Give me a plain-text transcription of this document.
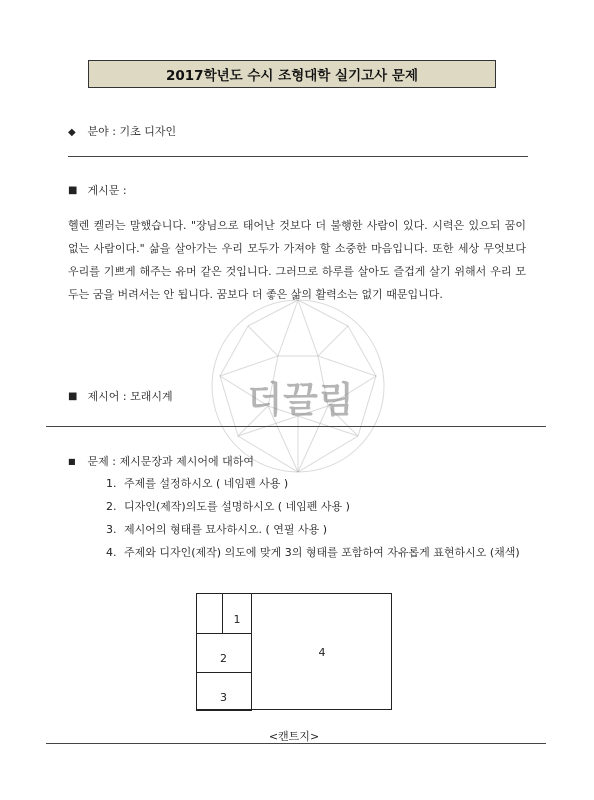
2017학년도 수시 조형대학 실기고사 문제
◆ 분야 : 기초 디자인
■ 게시문 :

헬렌 켈러는 말했습니다. "장님으로 태어난 것보다 더 불행한 사람이 있다. 시력은 있으되 꿈이 없는 사람이다." 삶을 살아가는 우리 모두가 가져야 할 소중한 마음입니다. 또한 세상 무엇보다 우리를 기쁘게 해주는 유머 같은 것입니다. 그러므로 하루를 살아도 즐겁게 살기 위해서 우리 모두는 굼을 버려서는 안 됩니다. 꿈보다 더 좋은 삶의 활력소는 없기 때문입니다.

더끌림
■ 제시어 : 모래시계
■ 문제 : 제시문장과 제시어에 대하여
1. 주제를 설정하시오 ( 네임펜 사용 )
2. 디자인(제작)의도를 설명하시오 ( 네임펜 사용 )
3. 제시어의 형태를 묘사하시오. ( 연필 사용 )
4. 주제와 디자인(제작) 의도에 맞게 3의 형태를 포함하여 자유롭게 표현하시오 (채색)
1
2
3
4
<캔트지>
